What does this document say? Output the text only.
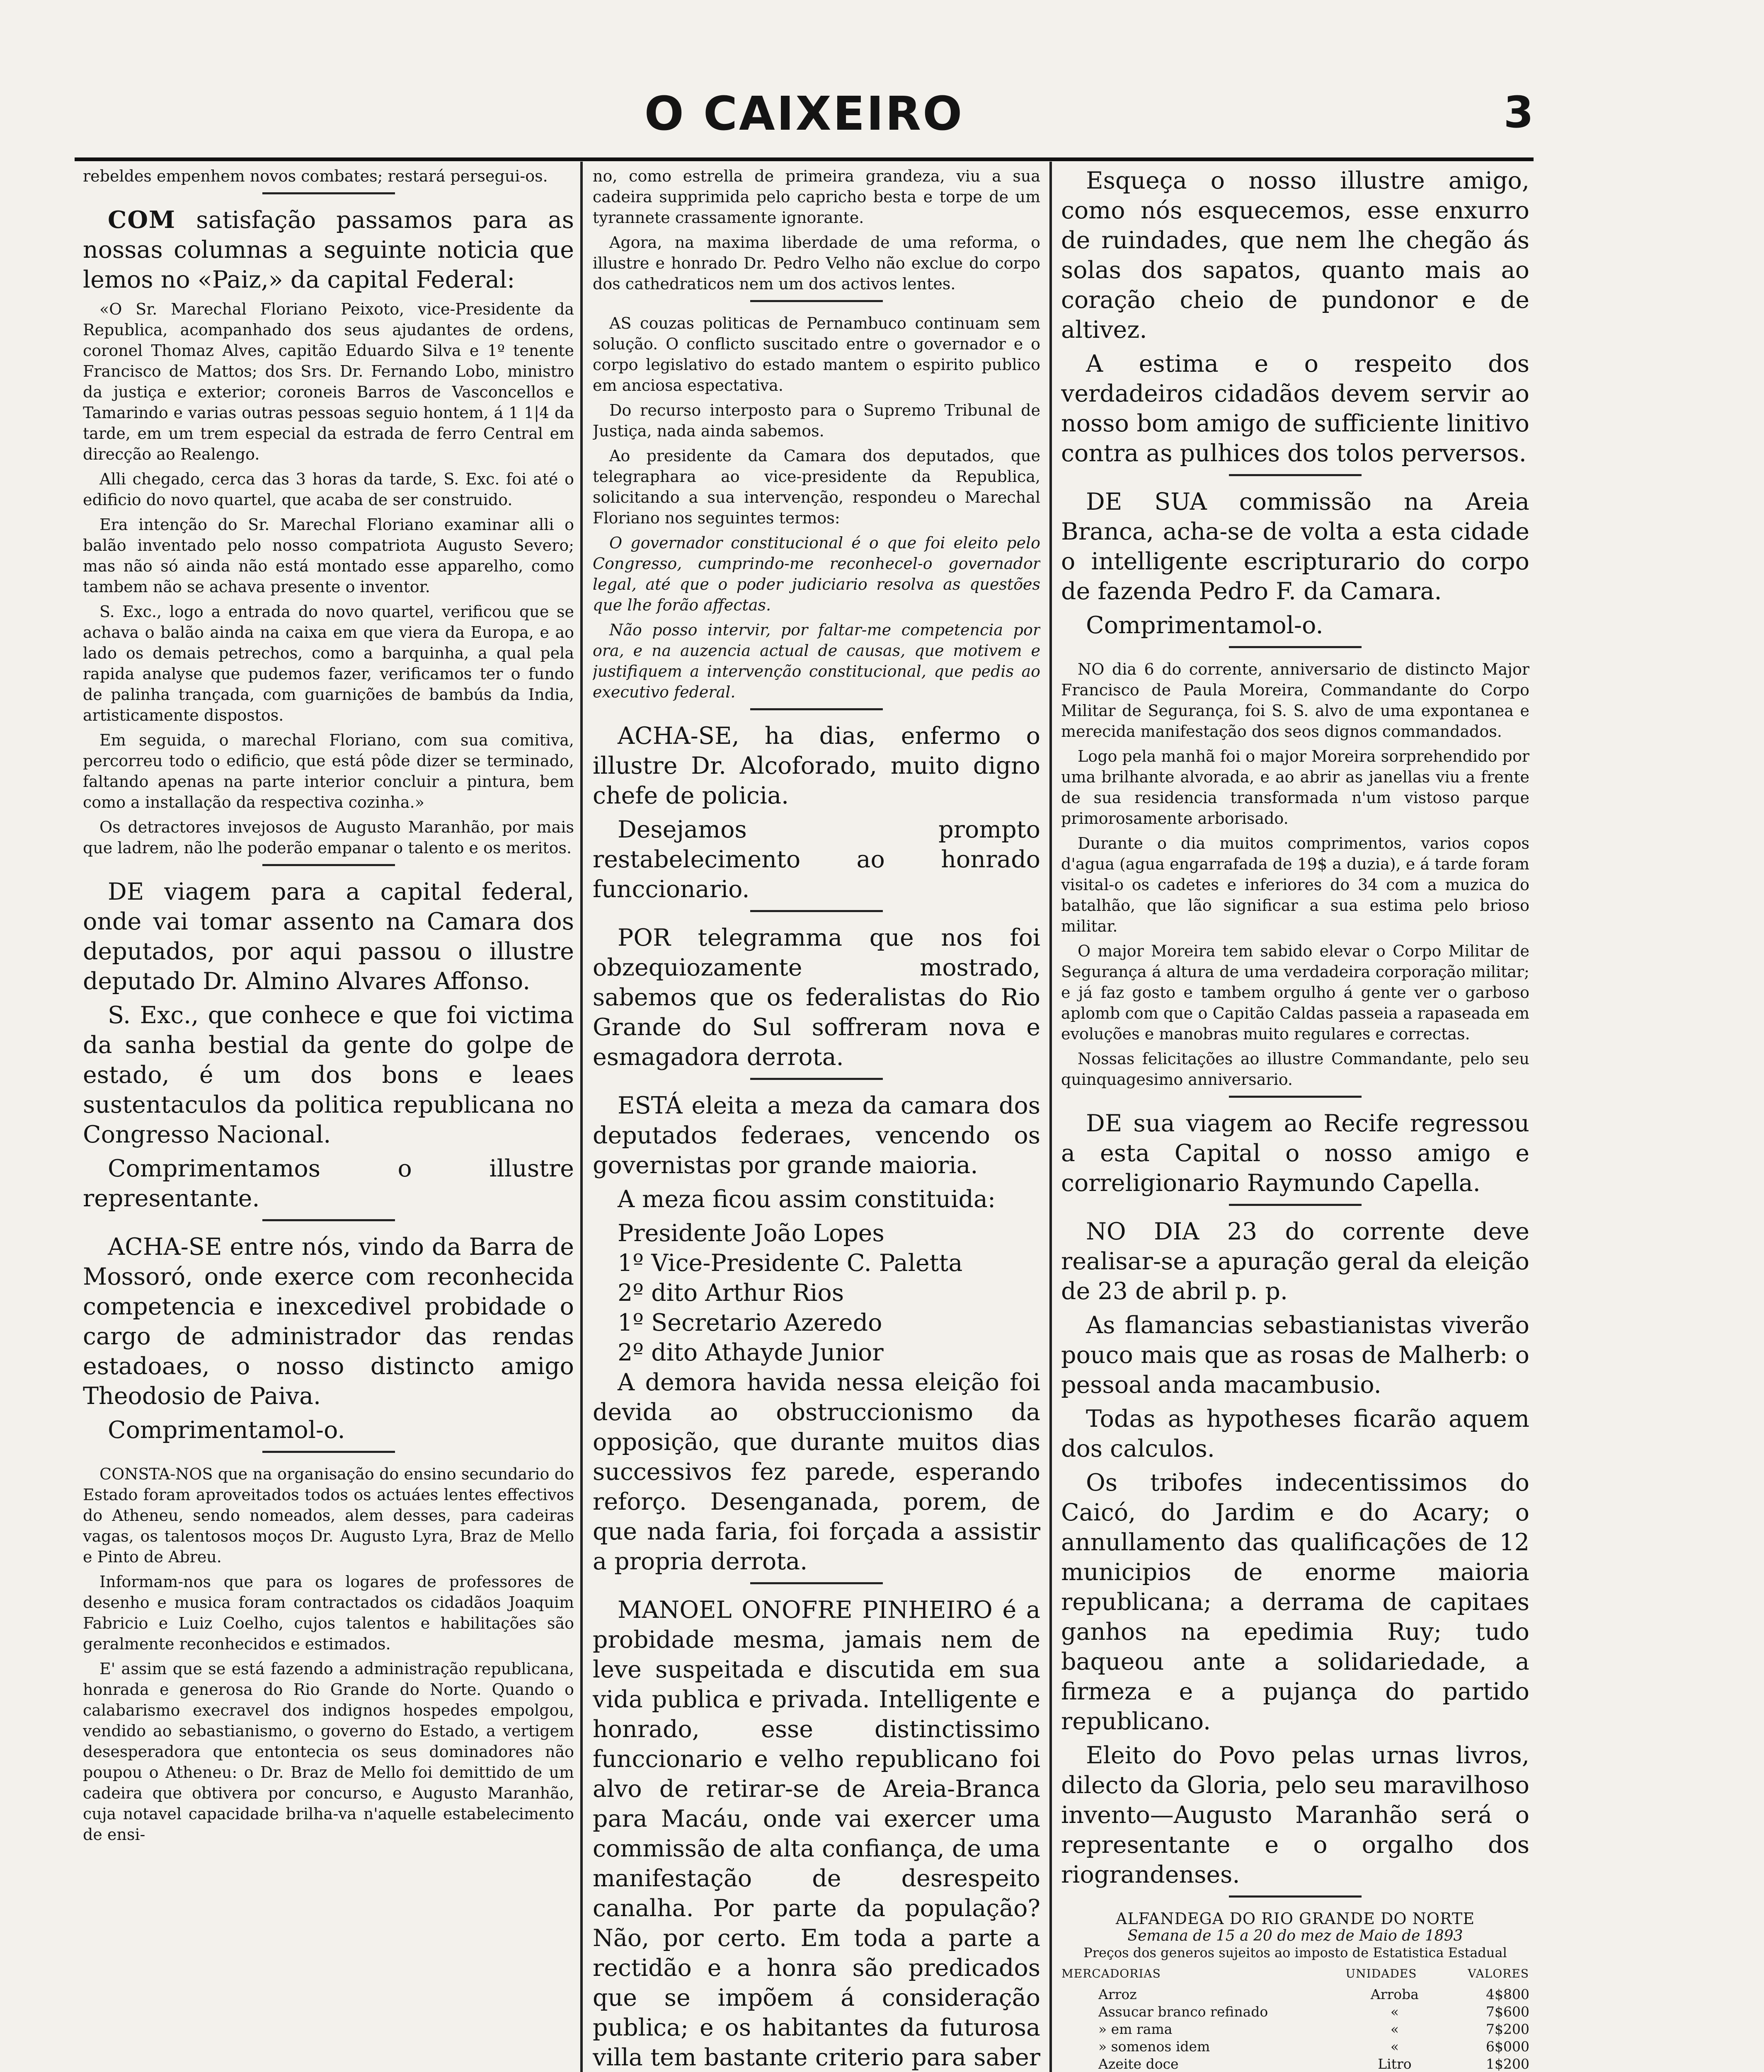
O CAIXEIRO	3

rebeldes empenhem novos combates; restará persegui-os.

COM satisfação passamos para as nossas columnas a seguinte noticia que lemos no «Paiz,» da capital Federal:

«O Sr. Marechal Floriano Peixoto, vice-Presidente da Republica, acompanhado dos seus ajudantes de ordens, coronel Thomaz Alves, capitão Eduardo Silva e 1º tenente Francisco de Mattos; dos Srs. Dr. Fernando Lobo, ministro da justiça e exterior; coroneis Barros de Vasconcellos e Tamarindo e varias outras pessoas seguio hontem, á 1 1|4 da tarde, em um trem especial da estrada de ferro Central em direcção ao Realengo.

Alli chegado, cerca das 3 horas da tarde, S. Exc. foi até o edificio do novo quartel, que acaba de ser construido.

Era intenção do Sr. Marechal Floriano examinar alli o balão inventado pelo nosso compatriota Augusto Severo; mas não só ainda não está montado esse apparelho, como tambem não se achava presente o inventor.

S. Exc., logo a entrada do novo quartel, verificou que se achava o balão ainda na caixa em que viera da Europa, e ao lado os demais petrechos, como a barquinha, a qual pela rapida analyse que pudemos fazer, verificamos ter o fundo de palinha trançada, com guarnições de bambús da India, artisticamente dispostos.

Em seguida, o marechal Floriano, com sua comitiva, percorreu todo o edificio, que está pôde dizer se terminado, faltando apenas na parte interior concluir a pintura, bem como a installação da respectiva cozinha.»

Os detractores invejosos de Augusto Maranhão, por mais que ladrem, não lhe poderão empanar o talento e os meritos.

DE viagem para a capital federal, onde vai tomar assento na Camara dos deputados, por aqui passou o illustre deputado Dr. Almino Alvares Affonso.

S. Exc., que conhece e que foi victima da sanha bestial da gente do golpe de estado, é um dos bons e leaes sustentaculos da politica republicana no Congresso Nacional.

Comprimentamos o illustre representante.

ACHA-SE entre nós, vindo da Barra de Mossoró, onde exerce com reconhecida competencia e inexcedivel probidade o cargo de administrador das rendas estadoaes, o nosso distincto amigo Theodosio de Paiva.

Comprimentamol-o.

CONSTA-NOS que na organisação do ensino secundario do Estado foram aproveitados todos os actuáes lentes effectivos do Atheneu, sendo nomeados, alem desses, para cadeiras vagas, os talentosos moços Dr. Augusto Lyra, Braz de Mello e Pinto de Abreu.

Informam-nos que para os logares de professores de desenho e musica foram contractados os cidadãos Joaquim Fabricio e Luiz Coelho, cujos talentos e habilitações são geralmente reconhecidos e estimados.

E' assim que se está fazendo a administração republicana, honrada e generosa do Rio Grande do Norte. Quando o calabarismo execravel dos indignos hospedes empolgou, vendido ao sebastianismo, o governo do Estado, a vertigem desesperadora que entontecia os seus dominadores não poupou o Atheneu: o Dr. Braz de Mello foi demittido de um cadeira que obtivera por concurso, e Augusto Maranhão, cuja notavel capacidade brilha-va n'aquelle estabelecimento de ensi-

no, como estrella de primeira grandeza, viu a sua cadeira supprimida pelo capricho besta e torpe de um tyrannete crassamente ignorante.

Agora, na maxima liberdade de uma reforma, o illustre e honrado Dr. Pedro Velho não exclue do corpo dos cathedraticos nem um dos activos lentes.

AS couzas politicas de Pernambuco continuam sem solução. O conflicto suscitado entre o governador e o corpo legislativo do estado mantem o espirito publico em anciosa espectativa.

Do recurso interposto para o Supremo Tribunal de Justiça, nada ainda sabemos.

Ao presidente da Camara dos deputados, que telegraphara ao vice-presidente da Republica, solicitando a sua intervenção, respondeu o Marechal Floriano nos seguintes termos:

O governador constitucional é o que foi eleito pelo Congresso, cumprindo-me reconhecel-o governador legal, até que o poder judiciario resolva as questões que lhe forão affectas.

Não posso intervir, por faltar-me competencia por ora, e na auzencia actual de causas, que motivem e justifiquem a intervenção constitucional, que pedis ao executivo federal.

ACHA-SE, ha dias, enfermo o illustre Dr. Alcoforado, muito digno chefe de policia.

Desejamos prompto restabelecimento ao honrado funccionario.

POR telegramma que nos foi obzequiozamente mostrado, sabemos que os federalistas do Rio Grande do Sul soffreram nova e esmagadora derrota.

ESTÁ eleita a meza da camara dos deputados federaes, vencendo os governistas por grande maioria.

A meza ficou assim constituida:

Presidente João Lopes

1º Vice-Presidente C. Paletta

2º dito Arthur Rios

1º Secretario Azeredo

2º dito Athayde Junior

A demora havida nessa eleição foi devida ao obstruccionismo da opposição, que durante muitos dias successivos fez parede, esperando reforço. Desenganada, porem, de que nada faria, foi forçada a assistir a propria derrota.

MANOEL ONOFRE PINHEIRO é a probidade mesma, jamais nem de leve suspeitada e discutida em sua vida publica e privada. Intelligente e honrado, esse distinctissimo funccionario e velho republicano foi alvo de retirar-se de Areia-Branca para Macáu, onde vai exercer uma commissão de alta confiança, de uma manifestação de desrespeito canalha. Por parte da população? Não, por certo. Em toda a parte a rectidão e a honra são predicados que se impõem á consideração publica; e os habitantes da futurosa villa tem bastante criterio para saber

Esqueça o nosso illustre amigo, como nós esquecemos, esse enxurro de ruindades, que nem lhe chegão ás solas dos sapatos, quanto mais ao coração cheio de pundonor e de altivez.

A estima e o respeito dos verdadeiros cidadãos devem servir ao nosso bom amigo de sufficiente linitivo contra as pulhices dos tolos perversos.

DE SUA commissão na Areia Branca, acha-se de volta a esta cidade o intelligente escripturario do corpo de fazenda Pedro F. da Camara.

Comprimentamol-o.

NO dia 6 do corrente, anniversario de distincto Major Francisco de Paula Moreira, Commandante do Corpo Militar de Segurança, foi S. S. alvo de uma expontanea e merecida manifestação dos seos dignos commandados.

Logo pela manhã foi o major Moreira sorprehendido por uma brilhante alvorada, e ao abrir as janellas viu a frente de sua residencia transformada n'um vistoso parque primorosamente arborisado.

Durante o dia muitos comprimentos, varios copos d'agua (agua engarrafada de 19$ a duzia), e á tarde foram visital-o os cadetes e inferiores do 34 com a muzica do batalhão, que lão significar a sua estima pelo brioso militar.

O major Moreira tem sabido elevar o Corpo Militar de Segurança á altura de uma verdadeira corporação militar; e já faz gosto e tambem orgulho á gente ver o garboso aplomb com que o Capitão Caldas passeia a rapaseada em evoluções e manobras muito regulares e correctas.

Nossas felicitações ao illustre Commandante, pelo seu quinquagesimo anniversario.

DE sua viagem ao Recife regressou a esta Capital o nosso amigo e correligionario Raymundo Capella.

NO DIA 23 do corrente deve realisar-se a apuração geral da eleição de 23 de abril p. p.

As flamancias sebastianistas viverão pouco mais que as rosas de Malherb: o pessoal anda macambusio.

Todas as hypotheses ficarão aquem dos calculos.

Os tribofes indecentissimos do Caicó, do Jardim e do Acary; o annullamento das qualificações de 12 municipios de enorme maioria republicana; a derrama de capitaes ganhos na epedimia Ruy; tudo baqueou ante a solidariedade, a firmeza e a pujança do partido republicano.

Eleito do Povo pelas urnas livros, dilecto da Gloria, pelo seu maravilhoso invento—Augusto Maranhão será o representante e o orgalho dos riograndenses.

ALFANDEGA DO RIO GRANDE DO NORTE
Semana de 15 a 20 do mez de Maio de 1893
Preços dos generos sujeitos ao imposto de Estatistica Estadual
MERCADORIAS	UNIDADES	VALORES
Arroz	Arroba	4$800
Assucar branco refinado	«	7$600
» em rama	«	7$200
» somenos idem	«	6$000
Azeite doce	Litro	1$200
